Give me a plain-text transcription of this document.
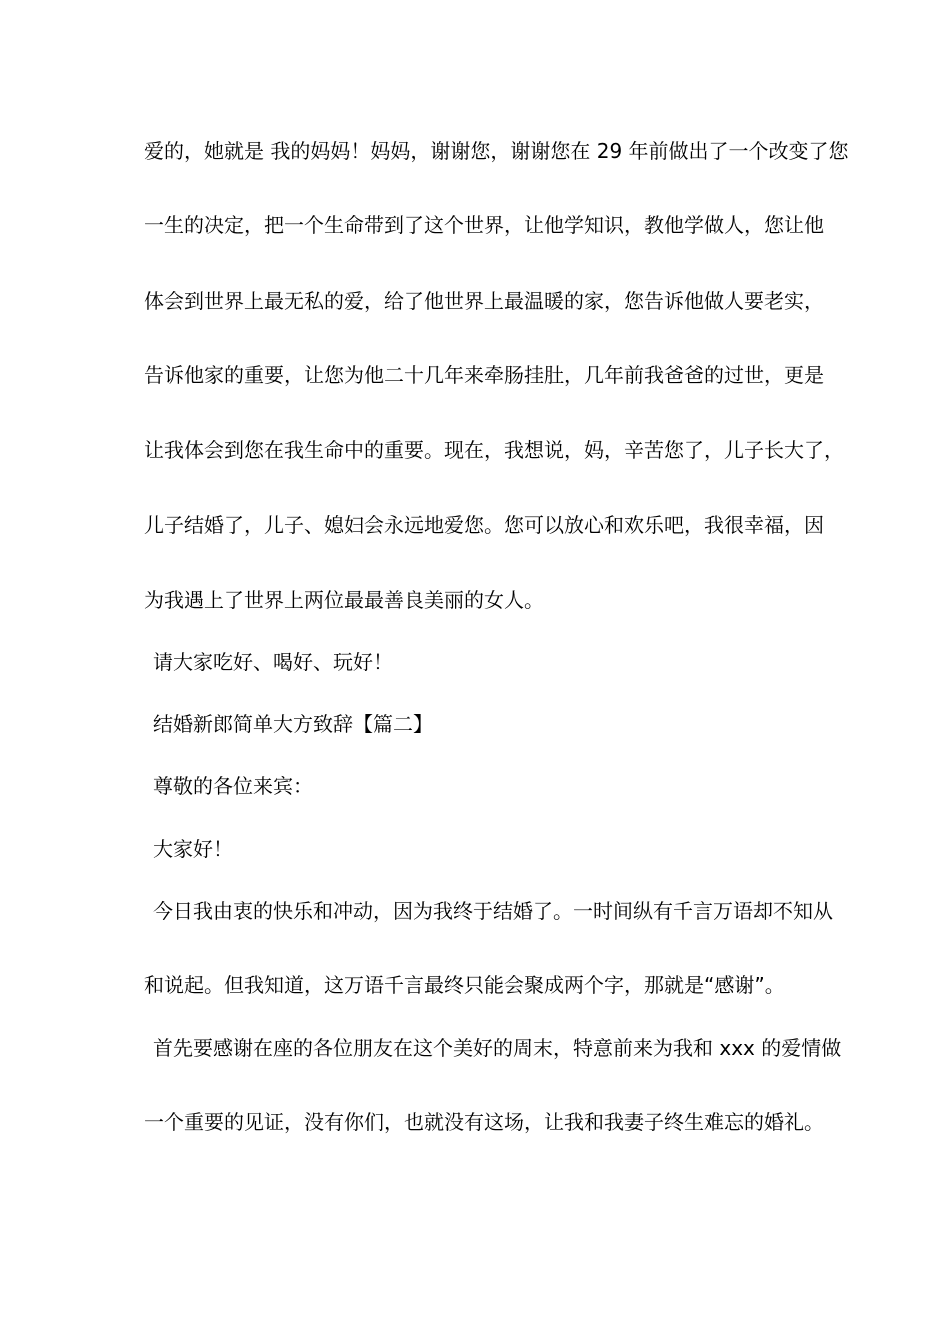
爱的，她就是 我的妈妈！妈妈，谢谢您，谢谢您在 29 年前做出了一个改变了您
一生的决定，把一个生命带到了这个世界，让他学知识，教他学做人，您让他
体会到世界上最无私的爱，给了他世界上最温暖的家，您告诉他做人要老实，
告诉他家的重要，让您为他二十几年来牵肠挂肚，几年前我爸爸的过世，更是
让我体会到您在我生命中的重要。现在，我想说，妈，辛苦您了，儿子长大了，
儿子结婚了，儿子、媳妇会永远地爱您。您可以放心和欢乐吧，我很幸福，因
为我遇上了世界上两位最最善良美丽的女人。
请大家吃好、喝好、玩好！
结婚新郎简单大方致辞【篇二】
尊敬的各位来宾：
大家好！
今日我由衷的快乐和冲动，因为我终于结婚了。一时间纵有千言万语却不知从
和说起。但我知道，这万语千言最终只能会聚成两个字，那就是“感谢”。
首先要感谢在座的各位朋友在这个美好的周末，特意前来为我和 xxx 的爱情做
一个重要的见证，没有你们，也就没有这场，让我和我妻子终生难忘的婚礼。
